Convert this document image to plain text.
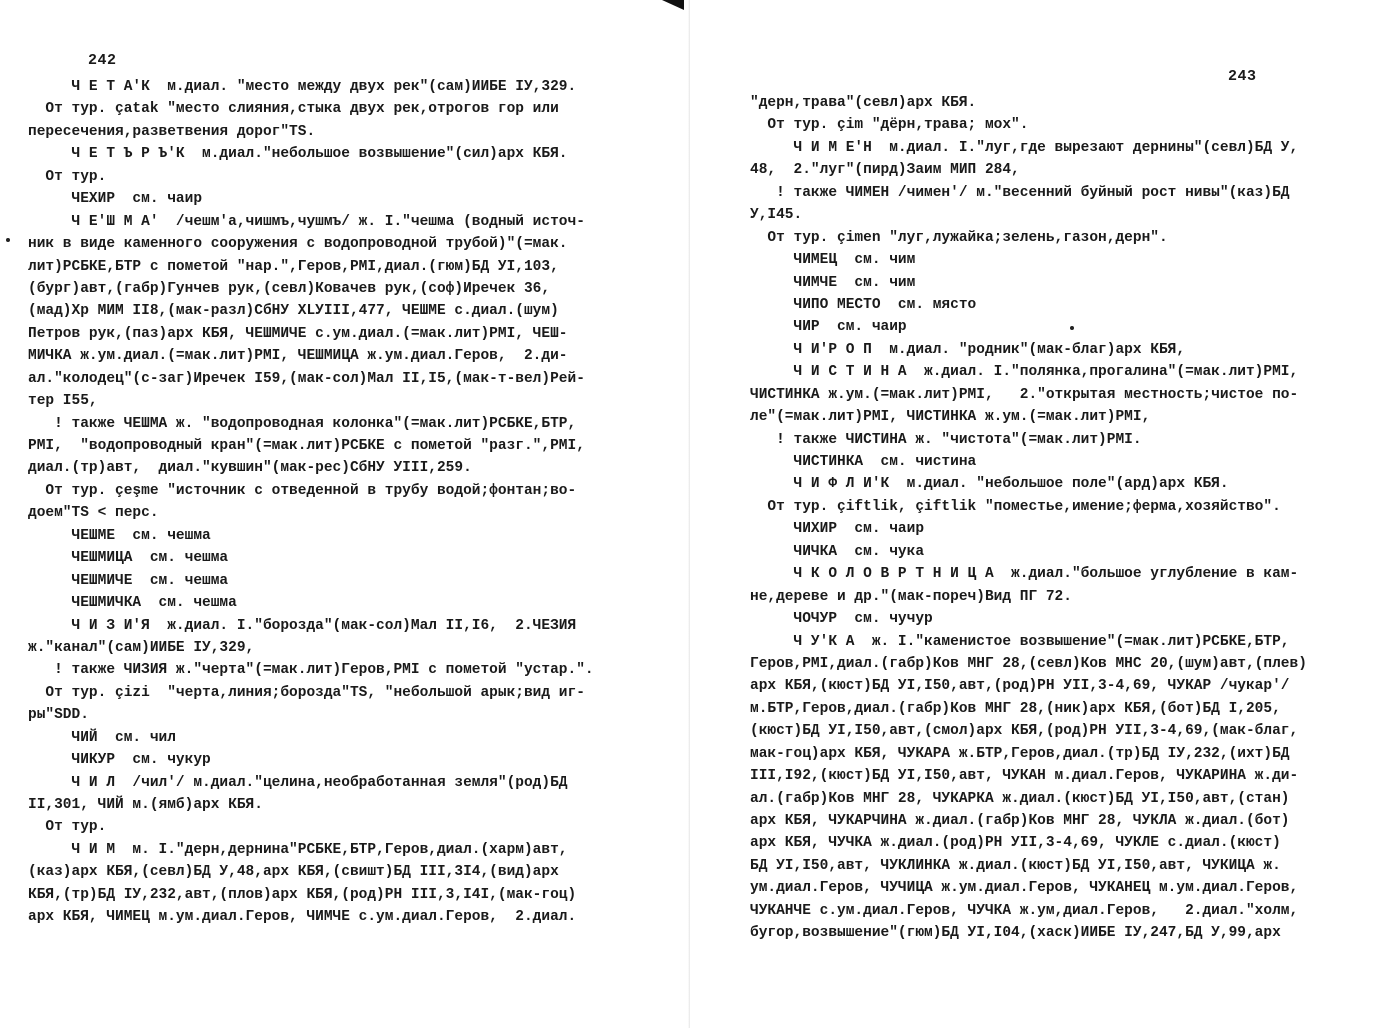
242
Ч Е Т А'К  м.диал. "место между двух рек"(сам)ИИБЕ IУ,329.
От тур. çatak "место слияния,стыка двух рек,отрогов гор или
пересечения,разветвения дорог"TS.
Ч Е Т Ъ Р Ъ'К  м.диал."небольшое возвышение"(сил)арх КБЯ.
От тур.
ЧЕХИР  см. чаир
Ч Е'Ш М А'  /чешм'а,чишмъ,чушмъ/ ж. I."чешма (водный источ-
ник в виде каменного сооружения с водопроводной трубой)"(=мак.
лит)РСБКЕ,БТР с пометой "нар.",Геров,РМI,диал.(гюм)БД УI,103,
(бург)авт,(габр)Гунчев рук,(севл)Ковачев рук,(соф)Иречек 36,
(мад)Хр МИМ II8,(мак-разл)СбНУ XLУIII,477, ЧЕШМЕ с.диал.(шум)
Петров рук,(паз)арх КБЯ, ЧЕШМИЧЕ с.ум.диал.(=мак.лит)РМI, ЧЕШ-
МИЧКА ж.ум.диал.(=мак.лит)РМI, ЧЕШМИЦА ж.ум.диал.Геров,  2.ди-
ал."колодец"(с-заг)Иречек I59,(мак-сол)Мал II,I5,(мак-т-вел)Рей-
тер I55,
! также ЧЕШМА ж. "водопроводная колонка"(=мак.лит)РСБКЕ,БТР,
РМI,  "водопроводный кран"(=мак.лит)РСБКЕ с пометой "разг.",РМI,
диал.(тр)авт,  диал."кувшин"(мак-рес)СбНУ УIII,259.
От тур. çeşme "источник с отведенной в трубу водой;фонтан;во-
доем"TS < перс.
ЧЕШМЕ  см. чешма
ЧЕШМИЦА  см. чешма
ЧЕШМИЧЕ  см. чешма
ЧЕШМИЧКА  см. чешма
Ч И З И'Я  ж.диал. I."борозда"(мак-сол)Мал II,I6,  2.ЧЕЗИЯ
ж."канал"(сам)ИИБЕ IУ,329,
! также ЧИЗИЯ ж."черта"(=мак.лит)Геров,РМI с пометой "устар.".
От тур. çizi  "черта,линия;борозда"TS, "небольшой арык;вид иг-
ры"SDD.
ЧИЙ  см. чил
ЧИКУР  см. чукур
Ч И Л  /чил'/ м.диал."целина,необработанная земля"(род)БД
II,301, ЧИЙ м.(ямб)арх КБЯ.
От тур.
Ч И М  м. I."дерн,дернина"РСБКЕ,БТР,Геров,диал.(харм)авт,
(каз)арх КБЯ,(севл)БД У,48,арх КБЯ,(свишт)БД III,3I4,(вид)арх
КБЯ,(тр)БД IУ,232,авт,(плов)арх КБЯ,(род)РН III,3,I4I,(мак-гоц)
арх КБЯ, ЧИМЕЦ м.ум.диал.Геров, ЧИМЧЕ с.ум.диал.Геров,  2.диал.
243
"дерн,трава"(севл)арх КБЯ.
От тур. çim "дёрн,трава; мох".
Ч И М Е'Н  м.диал. I."луг,где вырезают дернины"(севл)БД У,
48,  2."луг"(пирд)Заим МИП 284,
! также ЧИМЕН /чимен'/ м."весенний буйный рост нивы"(каз)БД
У,I45.
От тур. çimen "луг,лужайка;зелень,газон,дерн".
ЧИМЕЦ  см. чим
ЧИМЧЕ  см. чим
ЧИПО МЕСТО  см. място
ЧИР  см. чаир
Ч И'Р О П  м.диал. "родник"(мак-благ)арх КБЯ,
Ч И С Т И Н А  ж.диал. I."полянка,прогалина"(=мак.лит)РМI,
ЧИСТИНКА ж.ум.(=мак.лит)РМI,   2."открытая местность;чистое по-
ле"(=мак.лит)РМI, ЧИСТИНКА ж.ум.(=мак.лит)РМI,
! также ЧИСТИНА ж. "чистота"(=мак.лит)РМI.
ЧИСТИНКА  см. чистина
Ч И Ф Л И'К  м.диал. "небольшое поле"(ард)арх КБЯ.
От тур. çiftlik, çiftlik "поместье,имение;ферма,хозяйство".
ЧИХИР  см. чаир
ЧИЧКА  см. чука
Ч К О Л О В Р Т Н И Ц А  ж.диал."большое углубление в кам-
не,дереве и др."(мак-пореч)Вид ПГ 72.
ЧОЧУР  см. чучур
Ч У'К А  ж. I."каменистое возвышение"(=мак.лит)РСБКЕ,БТР,
Геров,РМI,диал.(габр)Ков МНГ 28,(севл)Ков МНС 20,(шум)авт,(плев)
арх КБЯ,(кюст)БД УI,I50,авт,(род)РН УII,3-4,69, ЧУКАР /чукар'/
м.БТР,Геров,диал.(габр)Ков МНГ 28,(ник)арх КБЯ,(бот)БД I,205,
(кюст)БД УI,I50,авт,(смол)арх КБЯ,(род)РН УII,3-4,69,(мак-благ,
мак-гоц)арх КБЯ, ЧУКАРА ж.БТР,Геров,диал.(тр)БД IУ,232,(ихт)БД
III,I92,(кюст)БД УI,I50,авт, ЧУКАН м.диал.Геров, ЧУКАРИНА ж.ди-
ал.(габр)Ков МНГ 28, ЧУКАРКА ж.диал.(кюст)БД УI,I50,авт,(стан)
арх КБЯ, ЧУКАРЧИНА ж.диал.(габр)Ков МНГ 28, ЧУКЛА ж.диал.(бот)
арх КБЯ, ЧУЧКА ж.диал.(род)РН УII,3-4,69, ЧУКЛЕ с.диал.(кюст)
БД УI,I50,авт, ЧУКЛИНКА ж.диал.(кюст)БД УI,I50,авт, ЧУКИЦА ж.
ум.диал.Геров, ЧУЧИЦА ж.ум.диал.Геров, ЧУКАНЕЦ м.ум.диал.Геров,
ЧУКАНЧЕ с.ум.диал.Геров, ЧУЧКА ж.ум,диал.Геров,   2.диал."холм,
бугор,возвышение"(гюм)БД УI,I04,(хаск)ИИБЕ IУ,247,БД У,99,арх
